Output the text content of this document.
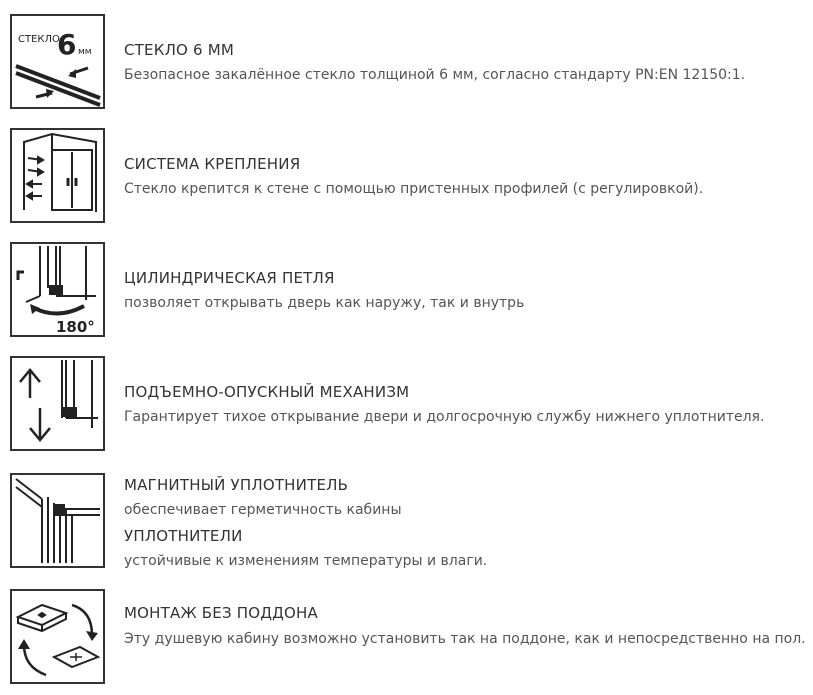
СТЕКЛО
6 мм СТЕКЛО 6 ММ
Безопасное закалённое стекло толщиной 6 мм, согласно стандарту PN:EN 12150:1.
СИСТЕМА КРЕПЛЕНИЯ
Стекло крепится к стене с помощью пристенных профилей (с регулировкой).
180°
ЦИЛИНДРИЧЕСКАЯ ПЕТЛЯ
позволяет открывать дверь как наружу, так и внутрь
ПОДЪЕМНО-ОПУСКНЫЙ МЕХАНИЗМ
Гарантирует тихое открывание двери и долгосрочную службу нижнего уплотнителя.
МАГНИТНЫЙ УПЛОТНИТЕЛЬ
обеспечивает герметичность кабины
УПЛОТНИТЕЛИ
устойчивые к изменениям температуры и влаги.
МОНТАЖ БЕЗ ПОДДОНА
Эту душевую кабину возможно установить так на поддоне, как и непосредственно на пол.
